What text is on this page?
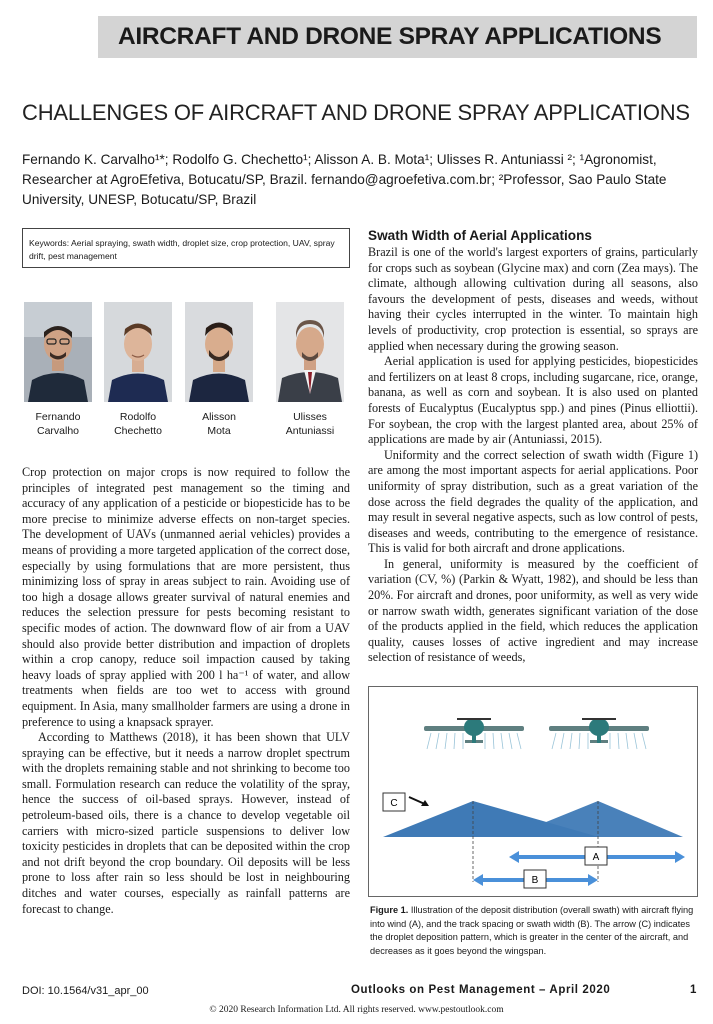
AIRCRAFT AND DRONE SPRAY APPLICATIONS
CHALLENGES OF AIRCRAFT AND DRONE SPRAY APPLICATIONS
Fernando K. Carvalho¹*; Rodolfo G. Chechetto¹; Alisson A. B. Mota¹; Ulisses R. Antuniassi ²; ¹Agronomist, Researcher at AgroEfetiva, Botucatu/SP, Brazil. fernando@agroefetiva.com.br; ²Professor, Sao Paulo State University, UNESP, Botucatu/SP, Brazil
Keywords: Aerial spraying, swath width, droplet size, crop protection, UAV, spray drift, pest management
Fernando
Carvalho
Rodolfo
Chechetto
Alisson
Mota
Ulisses
Antuniassi

Crop protection on major crops is now required to follow the principles of integrated pest management so the timing and accuracy of any application of a pesticide or biopesticide has to be more precise to minimize adverse effects on non-target species. The development of UAVs (unmanned aerial vehicles) provides a means of providing a more targeted application of the correct dose, especially by using formulations that are more persistent, thus minimizing loss of spray in areas subject to rain. Avoiding use of too high a dosage allows greater survival of natural enemies and reduces the selection pressure for pests becoming resistant to specific modes of action. The downward flow of air from a UAV should also provide better distribution and impaction of droplets within a crop canopy, reduce soil impaction caused by taking heavy loads of spray applied with 200 l ha⁻¹ of water, and allow treatments when fields are too wet to access with ground equipment. In Asia, many smallholder farmers are using a drone in preference to using a knapsack sprayer.

According to Matthews (2018), it has been shown that ULV spraying can be effective, but it needs a narrow droplet spectrum with the droplets remaining stable and not shrinking to become too small. Formulation research can reduce the volatility of the spray, hence the success of oil-based sprays. However, instead of petroleum-based oils, there is a chance to develop vegetable oil carriers with micro-sized particle suspensions to deliver low toxicity pesticides in droplets that can be deposited within the crop and not drift beyond the crop boundary. Oil deposits will be less prone to loss after rain so less should be lost in neighbouring ditches and water courses, especially as rainfall patterns are forecast to change.

Swath Width of Aerial Applications

Brazil is one of the world's largest exporters of grains, particularly for crops such as soybean (Glycine max) and corn (Zea mays). The climate, although allowing cultivation during all seasons, also favours the development of pests, diseases and weeds, without having their cycles interrupted in the winter. To maintain high levels of productivity, crop protection is essential, so sprays are applied when necessary during the growing season.

Aerial application is used for applying pesticides, biopesticides and fertilizers on at least 8 crops, including sugarcane, rice, orange, banana, as well as corn and soybean. It is also used on planted forests of Eucalyptus (Eucalyptus spp.) and pines (Pinus elliottii). For soybean, the crop with the largest planted area, about 25% of applications are made by air (Antuniassi, 2015).

Uniformity and the correct selection of swath width (Figure 1) are among the most important aspects for aerial applications. Poor uniformity of spray distribution, such as a great variation of the dose across the field degrades the quality of the application, and may result in several negative aspects, such as low control of pests, diseases and weeds, contributing to the emergence of resistance. This is valid for both aircraft and drone applications.

In general, uniformity is measured by the coefficient of variation (CV, %) (Parkin & Wyatt, 1982), and should be less than 20%. For aircraft and drones, poor uniformity, as well as very wide or narrow swath width, generates significant variation of the dose of the products applied in the field, which reduces the application quality, causes losses of active ingredient and may increase selection of resistance of weeds,

C
A
B
Figure 1. Illustration of the deposit distribution (overall swath) with aircraft flying into wind (A), and the track spacing or swath width (B). The arrow (C) indicates the droplet deposition pattern, which is greater in the center of the aircraft, and decreases as it goes beyond the wingspan.
DOI: 10.1564/v31_apr_00	Outlooks on Pest Management – April 2020	1
© 2020 Research Information Ltd. All rights reserved. www.pestoutlook.com
